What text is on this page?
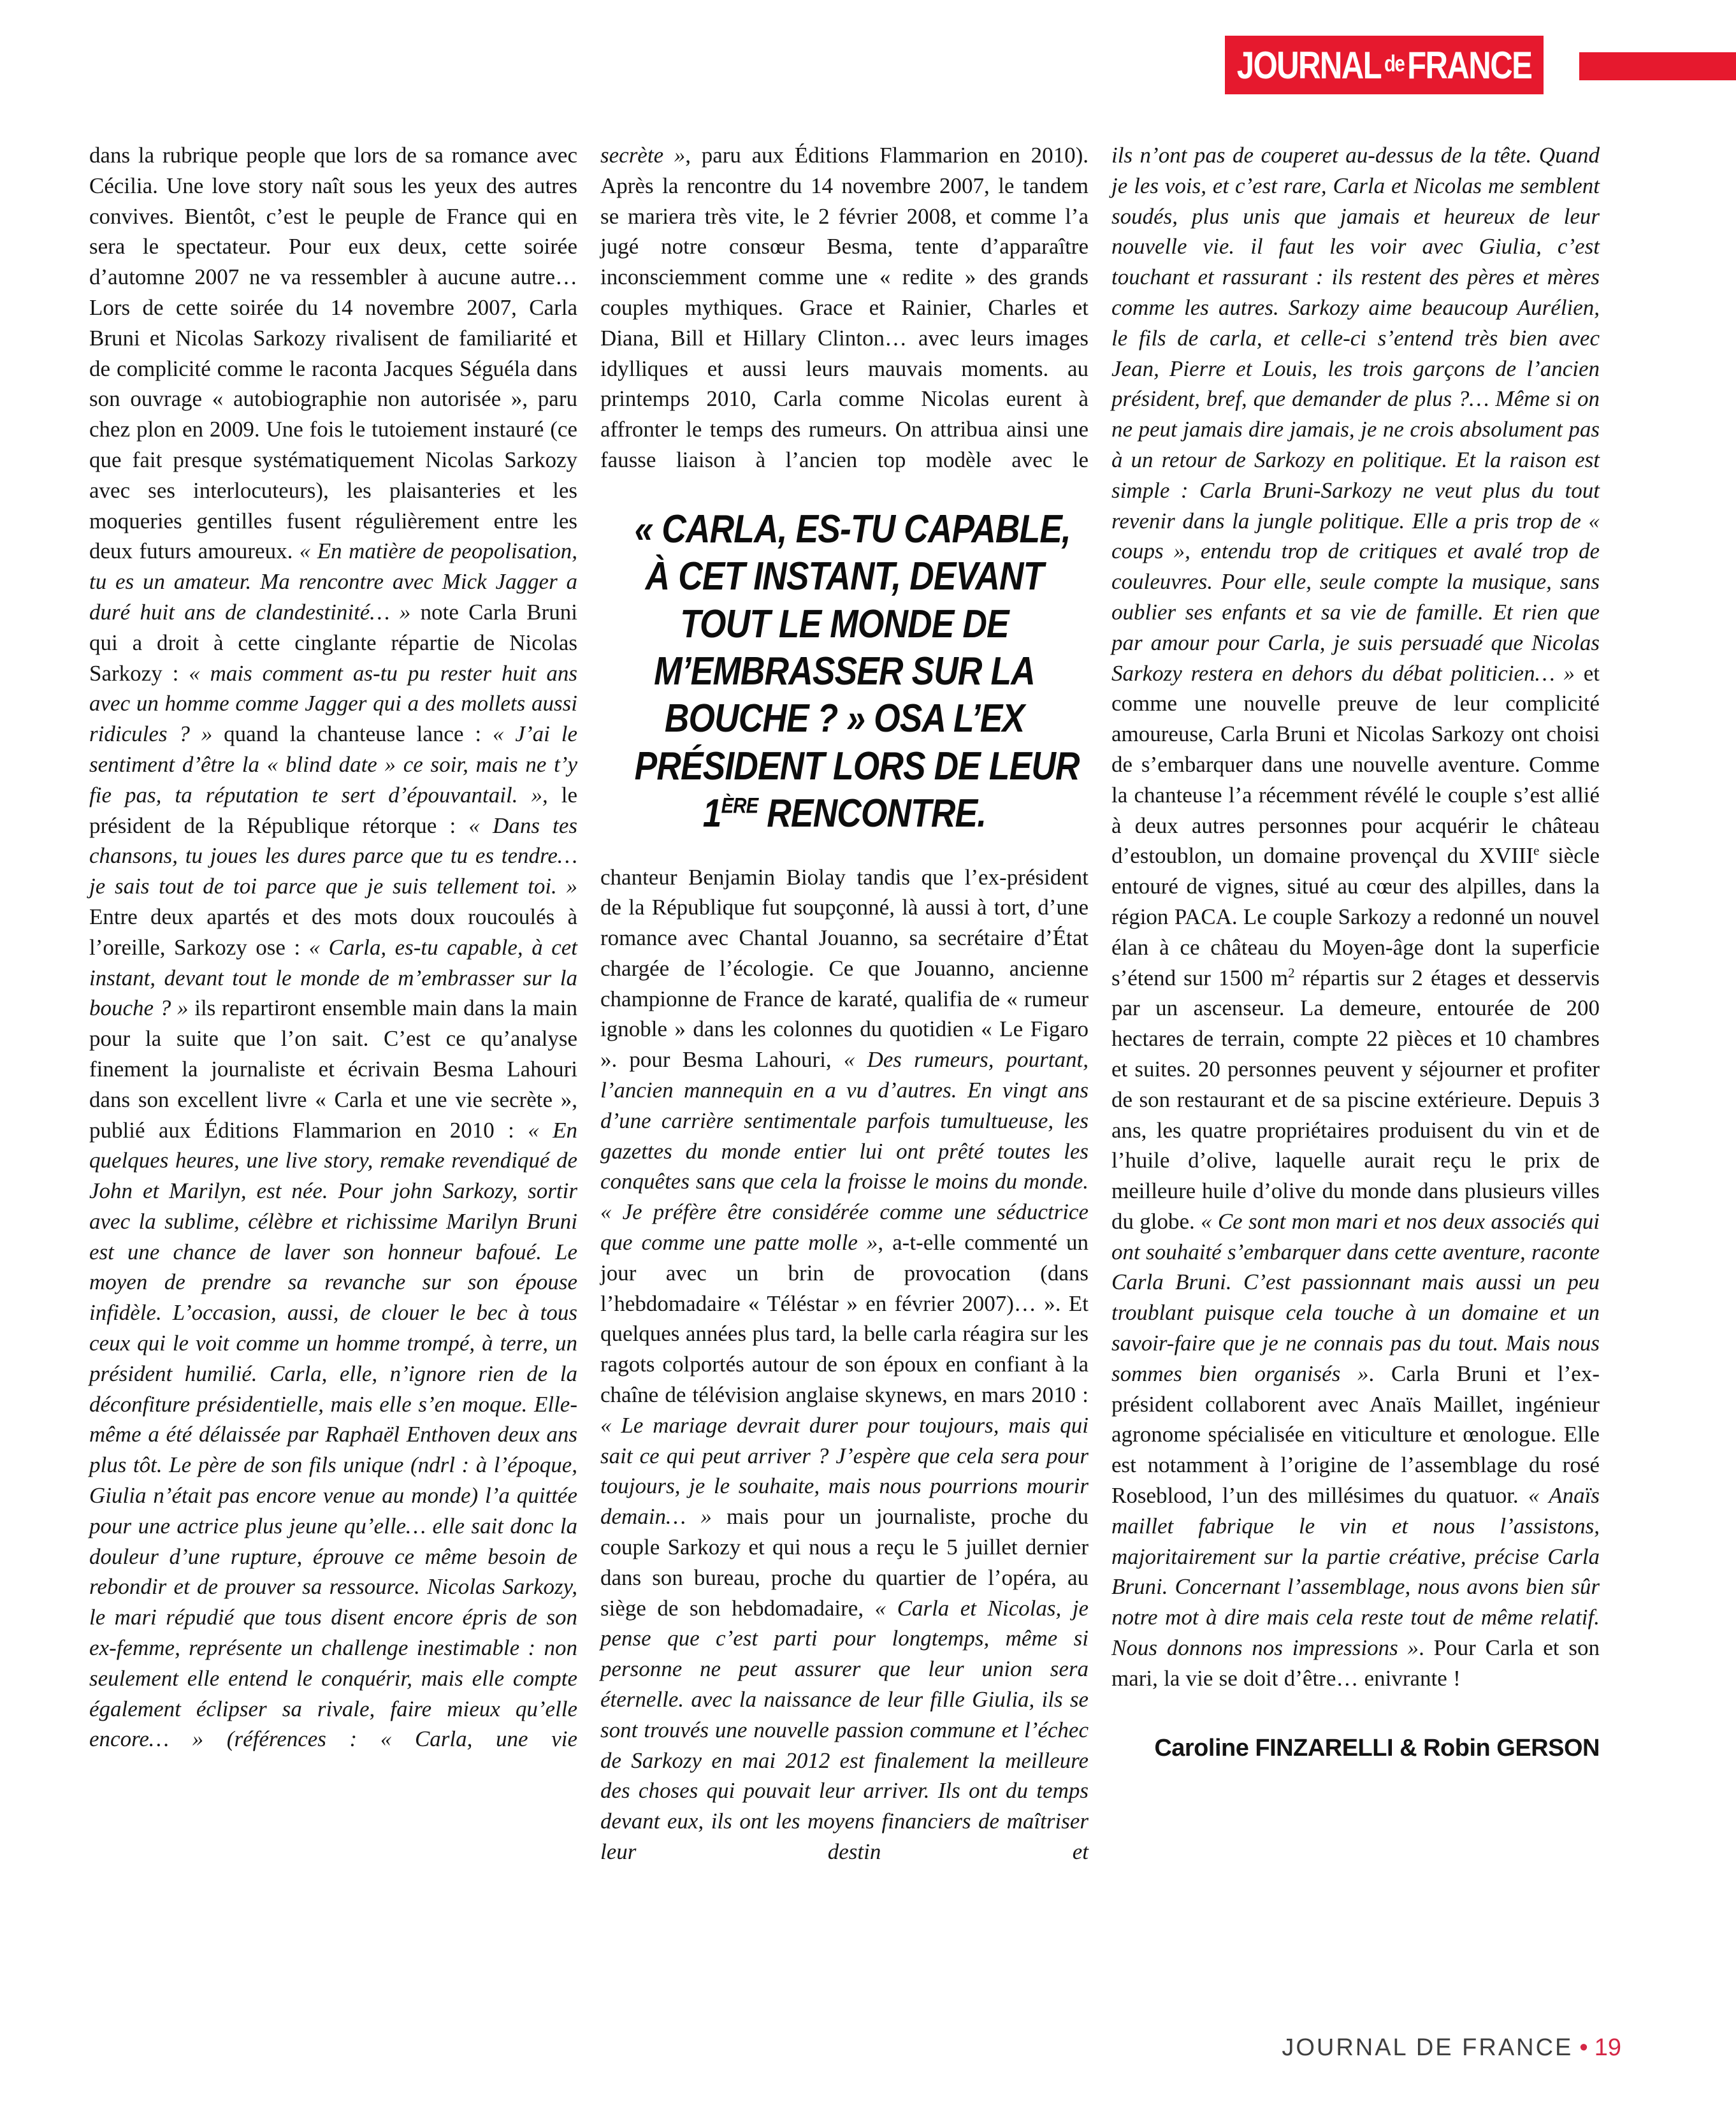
JOURNAL de FRANCE

dans la rubrique people que lors de sa romance avec Cécilia. Une love story naît sous les yeux des autres convives. Bientôt, c’est le peuple de France qui en sera le spectateur. Pour eux deux, cette soirée d’automne 2007 ne va ressembler à aucune autre… Lors de cette soirée du 14 novembre 2007, Carla Bruni et Nicolas Sarkozy rivalisent de familiarité et de complicité comme le raconta Jacques Séguéla dans son ouvrage « autobiographie non autorisée », paru chez plon en 2009. Une fois le tutoiement instauré (ce que fait presque systématiquement Nicolas Sarkozy avec ses interlocuteurs), les plaisanteries et les moqueries gentilles fusent régulièrement entre les deux futurs amoureux. « En matière de peopolisation, tu es un amateur. Ma rencontre avec Mick Jagger a duré huit ans de clandestinité… » note Carla Bruni qui a droit à cette cinglante répartie de Nicolas Sarkozy : « mais comment as-tu pu rester huit ans avec un homme comme Jagger qui a des mollets aussi ridicules ? » quand la chanteuse lance : « J’ai le sentiment d’être la « blind date » ce soir, mais ne t’y fie pas, ta réputation te sert d’épouvantail. », le président de la République rétorque : « Dans tes chansons, tu joues les dures parce que tu es tendre… je sais tout de toi parce que je suis tellement toi. » Entre deux apartés et des mots doux roucoulés à l’oreille, Sarkozy ose : « Carla, es-tu capable, à cet instant, devant tout le monde de m’embrasser sur la bouche ? » ils repartiront ensemble main dans la main pour la suite que l’on sait. C’est ce qu’analyse finement la journaliste et écrivain Besma Lahouri dans son excellent livre « Carla et une vie secrète », publié aux Éditions Flammarion en 2010 : « En quelques heures, une live story, remake revendiqué de John et Marilyn, est née. Pour john Sarkozy, sortir avec la sublime, célèbre et richissime Marilyn Bruni est une chance de laver son honneur bafoué. Le moyen de prendre sa revanche sur son épouse infidèle. L’occasion, aussi, de clouer le bec à tous ceux qui le voit comme un homme trompé, à terre, un président humilié. Carla, elle, n’ignore rien de la déconfiture présidentielle, mais elle s’en moque. Elle-même a été délaissée par Raphaël Enthoven deux ans plus tôt. Le père de son fils unique (ndrl : à l’époque, Giulia n’était pas encore venue au monde) l’a quittée pour une actrice plus jeune qu’elle… elle sait donc la douleur d’une rupture, éprouve ce même besoin de rebondir et de prouver sa ressource. Nicolas Sarkozy, le mari répudié que tous disent encore épris de son ex-femme, représente un challenge inestimable : non seulement elle entend le conquérir, mais elle compte également éclipser sa rivale, faire mieux qu’elle encore… » (références : « Carla, une vie

secrète », paru aux Éditions Flammarion en 2010). Après la rencontre du 14 novembre 2007, le tandem se mariera très vite, le 2 février 2008, et comme l’a jugé notre consœur Besma, tente d’apparaître inconsciemment comme une « redite » des grands couples mythiques. Grace et Rainier, Charles et Diana, Bill et Hillary Clinton… avec leurs images idylliques et aussi leurs mauvais moments. au printemps 2010, Carla comme Nicolas eurent à affronter le temps des rumeurs. On attribua ainsi une fausse liaison à l’ancien top modèle avec le

« CARLA, ES-TU CAPABLE,
À CET INSTANT, DEVANT
TOUT LE MONDE DE
M’EMBRASSER SUR LA
BOUCHE ? » OSA L’EX
PRÉSIDENT LORS DE LEUR
1ÈRE RENCONTRE.

chanteur Benjamin Biolay tandis que l’ex-président de la République fut soupçonné, là aussi à tort, d’une romance avec Chantal Jouanno, sa secrétaire d’État chargée de l’écologie. Ce que Jouanno, ancienne championne de France de karaté, qualifia de « rumeur ignoble » dans les colonnes du quotidien « Le Figaro ». pour Besma Lahouri, « Des rumeurs, pourtant, l’ancien mannequin en a vu d’autres. En vingt ans d’une carrière sentimentale parfois tumultueuse, les gazettes du monde entier lui ont prêté toutes les conquêtes sans que cela la froisse le moins du monde. « Je préfère être considérée comme une séductrice que comme une patte molle », a-t-elle commenté un jour avec un brin de provocation (dans l’hebdomadaire « Téléstar » en février 2007)… ». Et quelques années plus tard, la belle carla réagira sur les ragots colportés autour de son époux en confiant à la chaîne de télévision anglaise skynews, en mars 2010 : « Le mariage devrait durer pour toujours, mais qui sait ce qui peut arriver ? J’espère que cela sera pour toujours, je le souhaite, mais nous pourrions mourir demain… » mais pour un journaliste, proche du couple Sarkozy et qui nous a reçu le 5 juillet dernier dans son bureau, proche du quartier de l’opéra, au siège de son hebdomadaire, « Carla et Nicolas, je pense que c’est parti pour longtemps, même si personne ne peut assurer que leur union sera éternelle. avec la naissance de leur fille Giulia, ils se sont trouvés une nouvelle passion commune et l’échec de Sarkozy en mai 2012 est finalement la meilleure des choses qui pouvait leur arriver. Ils ont du temps devant eux, ils ont les moyens financiers de maîtriser leur destin et

ils n’ont pas de couperet au-dessus de la tête. Quand je les vois, et c’est rare, Carla et Nicolas me semblent soudés, plus unis que jamais et heureux de leur nouvelle vie. il faut les voir avec Giulia, c’est touchant et rassurant : ils restent des pères et mères comme les autres. Sarkozy aime beaucoup Aurélien, le fils de carla, et celle-ci s’entend très bien avec Jean, Pierre et Louis, les trois garçons de l’ancien président, bref, que demander de plus ?… Même si on ne peut jamais dire jamais, je ne crois absolument pas à un retour de Sarkozy en politique. Et la raison est simple : Carla Bruni-Sarkozy ne veut plus du tout revenir dans la jungle politique. Elle a pris trop de « coups », entendu trop de critiques et avalé trop de couleuvres. Pour elle, seule compte la musique, sans oublier ses enfants et sa vie de famille. Et rien que par amour pour Carla, je suis persuadé que Nicolas Sarkozy restera en dehors du débat politicien… » et comme une nouvelle preuve de leur complicité amoureuse, Carla Bruni et Nicolas Sarkozy ont choisi de s’embarquer dans une nouvelle aventure. Comme la chanteuse l’a récemment révélé le couple s’est allié à deux autres personnes pour acquérir le château d’estoublon, un domaine provençal du XVIIIe siècle entouré de vignes, situé au cœur des alpilles, dans la région PACA. Le couple Sarkozy a redonné un nouvel élan à ce château du Moyen-âge dont la superficie s’étend sur 1500 $m^2$ répartis sur 2 étages et desservis par un ascenseur. La demeure, entourée de 200 hectares de terrain, compte 22 pièces et 10 chambres et suites. 20 personnes peuvent y séjourner et profiter de son restaurant et de sa piscine extérieure. Depuis 3 ans, les quatre propriétaires produisent du vin et de l’huile d’olive, laquelle aurait reçu le prix de meilleure huile d’olive du monde dans plusieurs villes du globe. « Ce sont mon mari et nos deux associés qui ont souhaité s’embarquer dans cette aventure, raconte Carla Bruni. C’est passionnant mais aussi un peu troublant puisque cela touche à un domaine et un savoir-faire que je ne connais pas du tout. Mais nous sommes bien organisés ». Carla Bruni et l’ex-président collaborent avec Anaïs Maillet, ingénieur agronome spécialisée en viticulture et œnologue. Elle est notamment à l’origine de l’assemblage du rosé Roseblood, l’un des millésimes du quatuor. « Anaïs maillet fabrique le vin et nous l’assistons, majoritairement sur la partie créative, précise Carla Bruni. Concernant l’assemblage, nous avons bien sûr notre mot à dire mais cela reste tout de même relatif. Nous donnons nos impressions ». Pour Carla et son mari, la vie se doit d’être… enivrante !

Caroline FINZARELLI & Robin GERSON
JOURNAL DE FRANCE • 19
